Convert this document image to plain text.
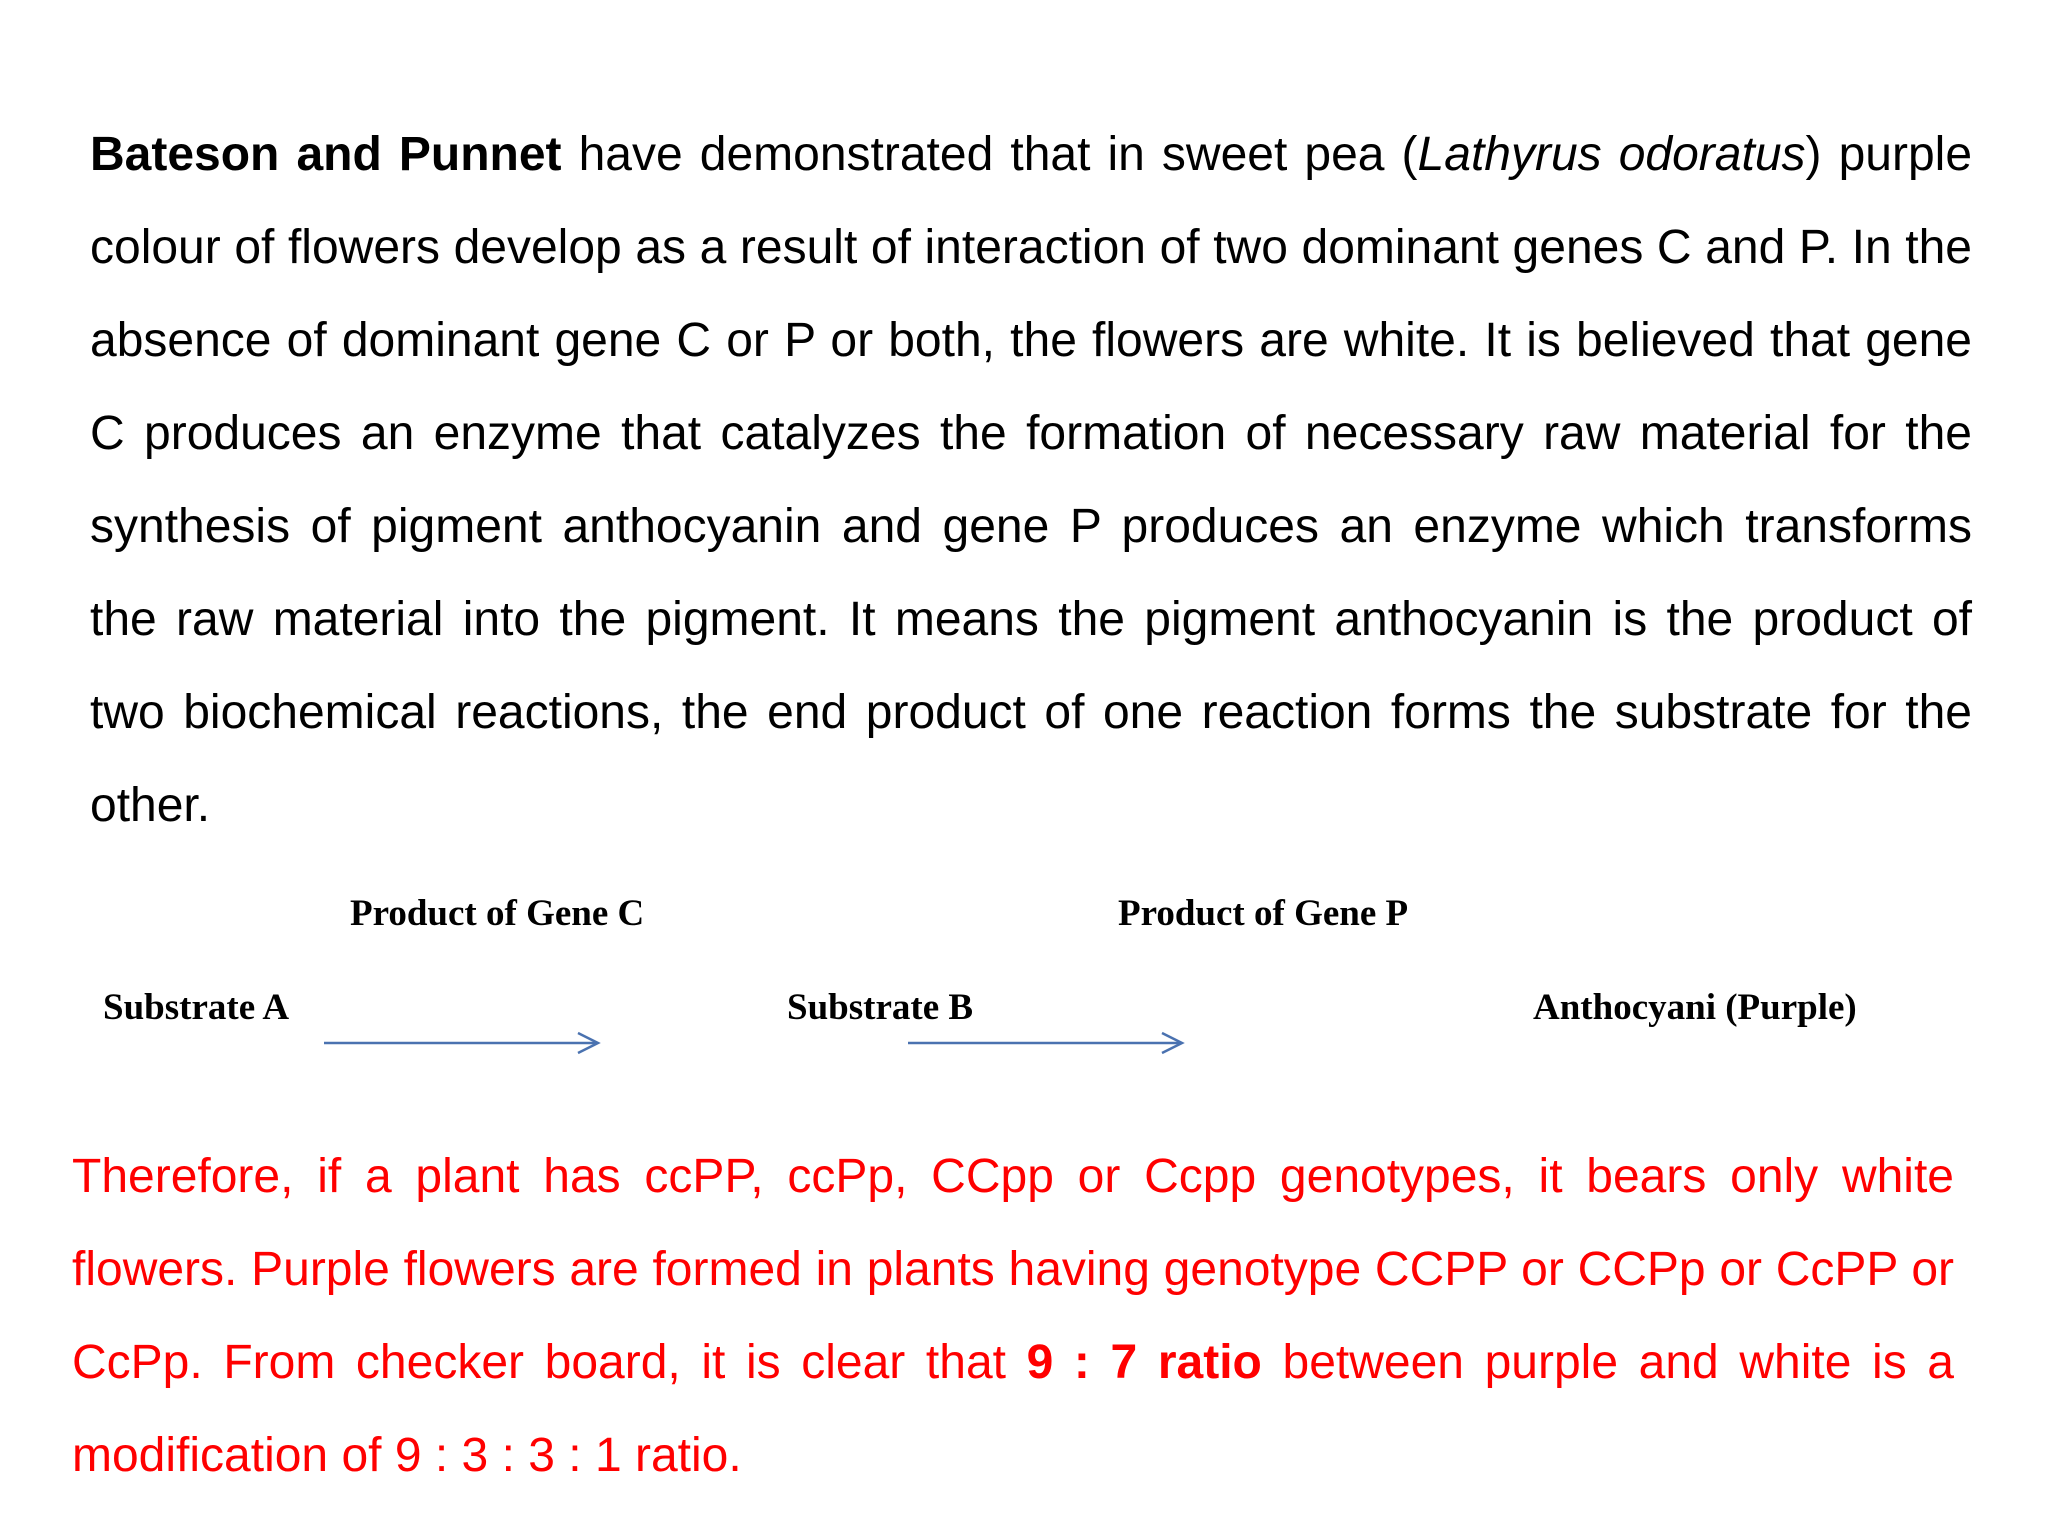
Bateson and Punnet have demonstrated that in sweet pea (Lathyrus odoratus) purple colour of flowers develop as a result of interaction of two dominant genes C and P. In the absence of dominant gene C or P or both, the flowers are white. It is believed that gene C produces an enzyme that catalyzes the formation of necessary raw material for the synthesis of pigment anthocyanin and gene P produces an enzyme which transforms the raw material into the pigment. It means the pigment anthocyanin is the product of two biochemical reactions, the end product of one reaction forms the substrate for the other.

Product of Gene C	Product of Gene P
Substrate A	Substrate B	Anthocyani (Purple)

Therefore, if a plant has ccPP, ccPp, CCpp or Ccpp genotypes, it bears only white flowers. Purple flowers are formed in plants having genotype CCPP or CCPp or CcPP or CcPp. From checker board, it is clear that 9 : 7 ratio between purple and white is a modification of 9 : 3 : 3 : 1 ratio.
